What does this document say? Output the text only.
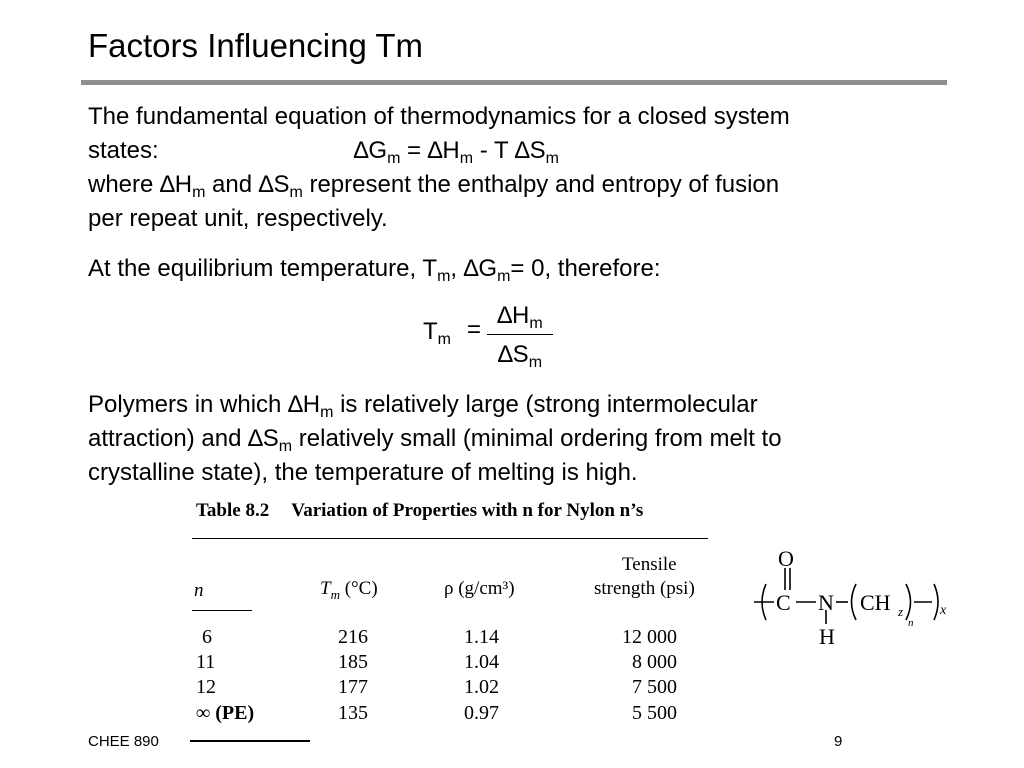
Factors Influencing Tm
The fundamental equation of thermodynamics for a closed system
states:	$\Delta G_m = \Delta H_m - T$ $\Delta S_m$
where $\Delta H_m$ and $\Delta S_m$ represent the enthalpy and entropy of fusion
per repeat unit, respectively.
At the equilibrium temperature, $T_m$, $\Delta G_m= 0$, therefore:
$T_m$ =
$\Delta H_m$
$\Delta S_m$
Polymers in which $\Delta H_m$ is relatively large (strong intermolecular
attraction) and $\Delta S_m$ relatively small (minimal ordering from melt to
crystalline state), the temperature of melting is high.
Table 8.2 Variation of Properties with n for Nylon n’s
n	$T_m$ (°C)	ρ (g/cm³)
Tensile
strength (psi)
6	216	1.14	12 000
11	185	1.04	8 000
12	177	1.02	7 500
∞ (PE)	135	0.97	5 500
O
C N
H
CH z
n
x
CHEE 890	9
